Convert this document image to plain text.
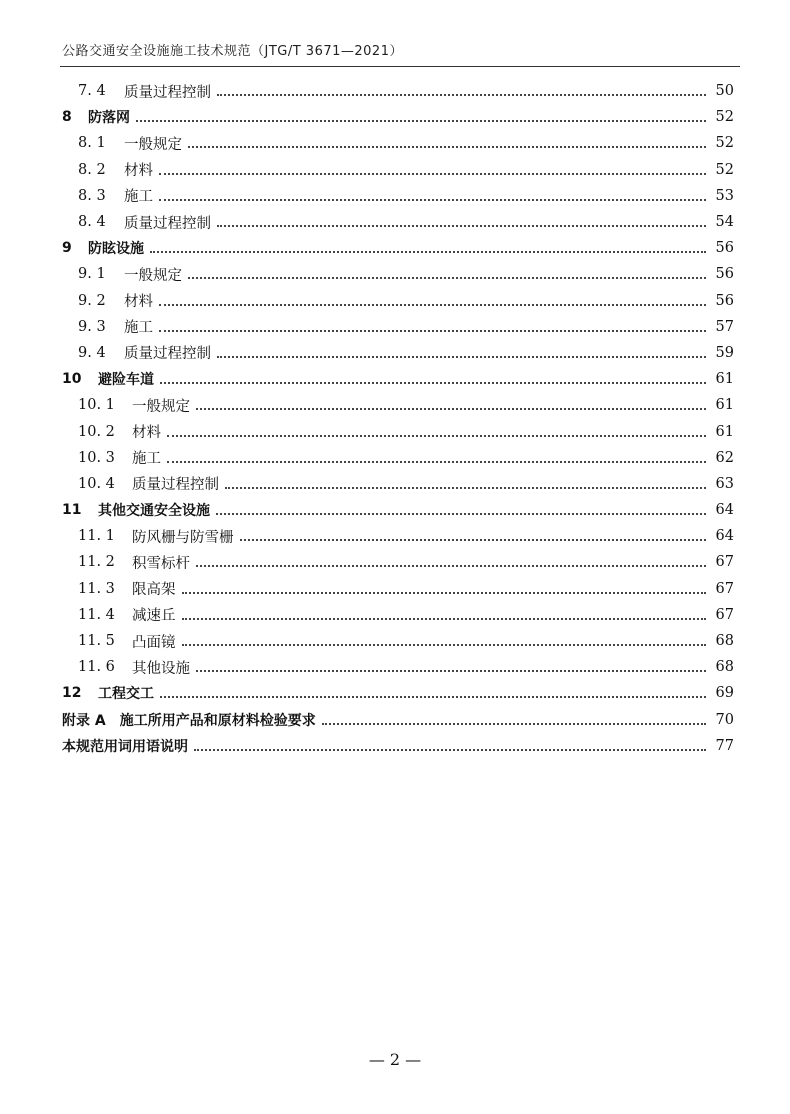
公路交通安全设施施工技术规范（JTG/T 3671—2021）
7. 4	质量过程控制	50
8	防落网	52
8. 1	一般规定	52
8. 2	材料	52
8. 3	施工	53
8. 4	质量过程控制	54
9	防眩设施	56
9. 1	一般规定	56
9. 2	材料	56
9. 3	施工	57
9. 4	质量过程控制	59
10	避险车道	61
10. 1	一般规定	61
10. 2	材料	61
10. 3	施工	62
10. 4	质量过程控制	63
11	其他交通安全设施	64
11. 1	防风栅与防雪栅	64
11. 2	积雪标杆	67
11. 3	限高架	67
11. 4	减速丘	67
11. 5	凸面镜	68
11. 6	其他设施	68
12	工程交工	69
附录 A 施工所用产品和原材料检验要求	70
本规范用词用语说明	77
— 2 —
